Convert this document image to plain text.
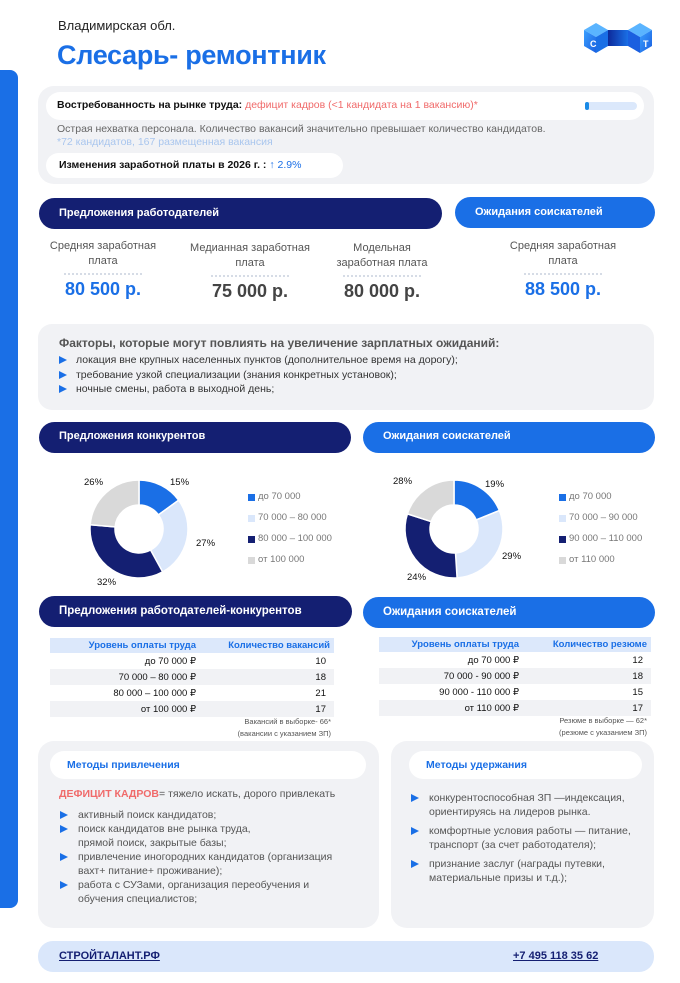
Владимирская обл.
Слесарь- ремонтник	C	T
Востребованность на рынке труда: дефицит кадров (<1 кандидата на 1 вакансию)*
Острая нехватка персонала. Количество вакансий значительно превышает количество кандидатов.
*72 кандидатов, 167 размещенная вакансия
Изменения заработной платы в 2026 г. : ↑ 2.9%
Предложения работодателей	Ожидания соискателей
Средняя заработная плата
80 500 р.
Медианная заработная плата
75 000 р.
Модельная заработная плата
80 000 р.
Средняя заработная плата
88 500 р.
Факторы, которые могут повлиять на увеличение зарплатных ожиданий:
локация вне крупных населенных пунктов (дополнительное время на дорогу);
требование узкой специализации (знания конкретных установок);
ночные смены, работа в выходной день;
Предложения конкурентов	Ожидания соискателей
15%
27%
32%
26%
до 70 000
70 000 – 80 000
80 000 – 100 000
от 100 000
19%
29%
24%
28%
до 70 000
70 000 – 90 000
90 000 – 110 000
от 110 000
Предложения работодателей-конкурентов	Ожидания соискателей
Уровень оплаты труда	Количество вакансий
до 70 000 ₽	10
70 000 – 80 000 ₽	18
80 000 – 100 000 ₽	21
от 100 000 ₽	17
Вакансий в выборке- 66*
(вакансии с указанием ЗП)
Уровень оплаты труда	Количество резюме
до 70 000 ₽	12
70 000 - 90 000 ₽	18
90 000 - 110 000 ₽	15
от 110 000 ₽	17
Резюме в выборке — 62*
(резюме с указанием ЗП)
Методы привлечения
ДЕФИЦИТ КАДРОВ= тяжело искать, дорого привлекать
активный поиск кандидатов;
поиск кандидатов вне рынка труда, прямой поиск, закрытые базы;
привлечение иногородних кандидатов (организация вахт+ питание+ проживание);
работа с СУЗами, организация переобучения и обучения специалистов;
Методы удержания
конкурентоспособная ЗП —индексация, ориентируясь на лидеров рынка.
комфортные условия работы — питание, транспорт (за счет работодателя);
признание заслуг (награды путевки, материальные призы и т.д.);
СТРОЙТАЛАНТ.РФ	+7 495 118 35 62
